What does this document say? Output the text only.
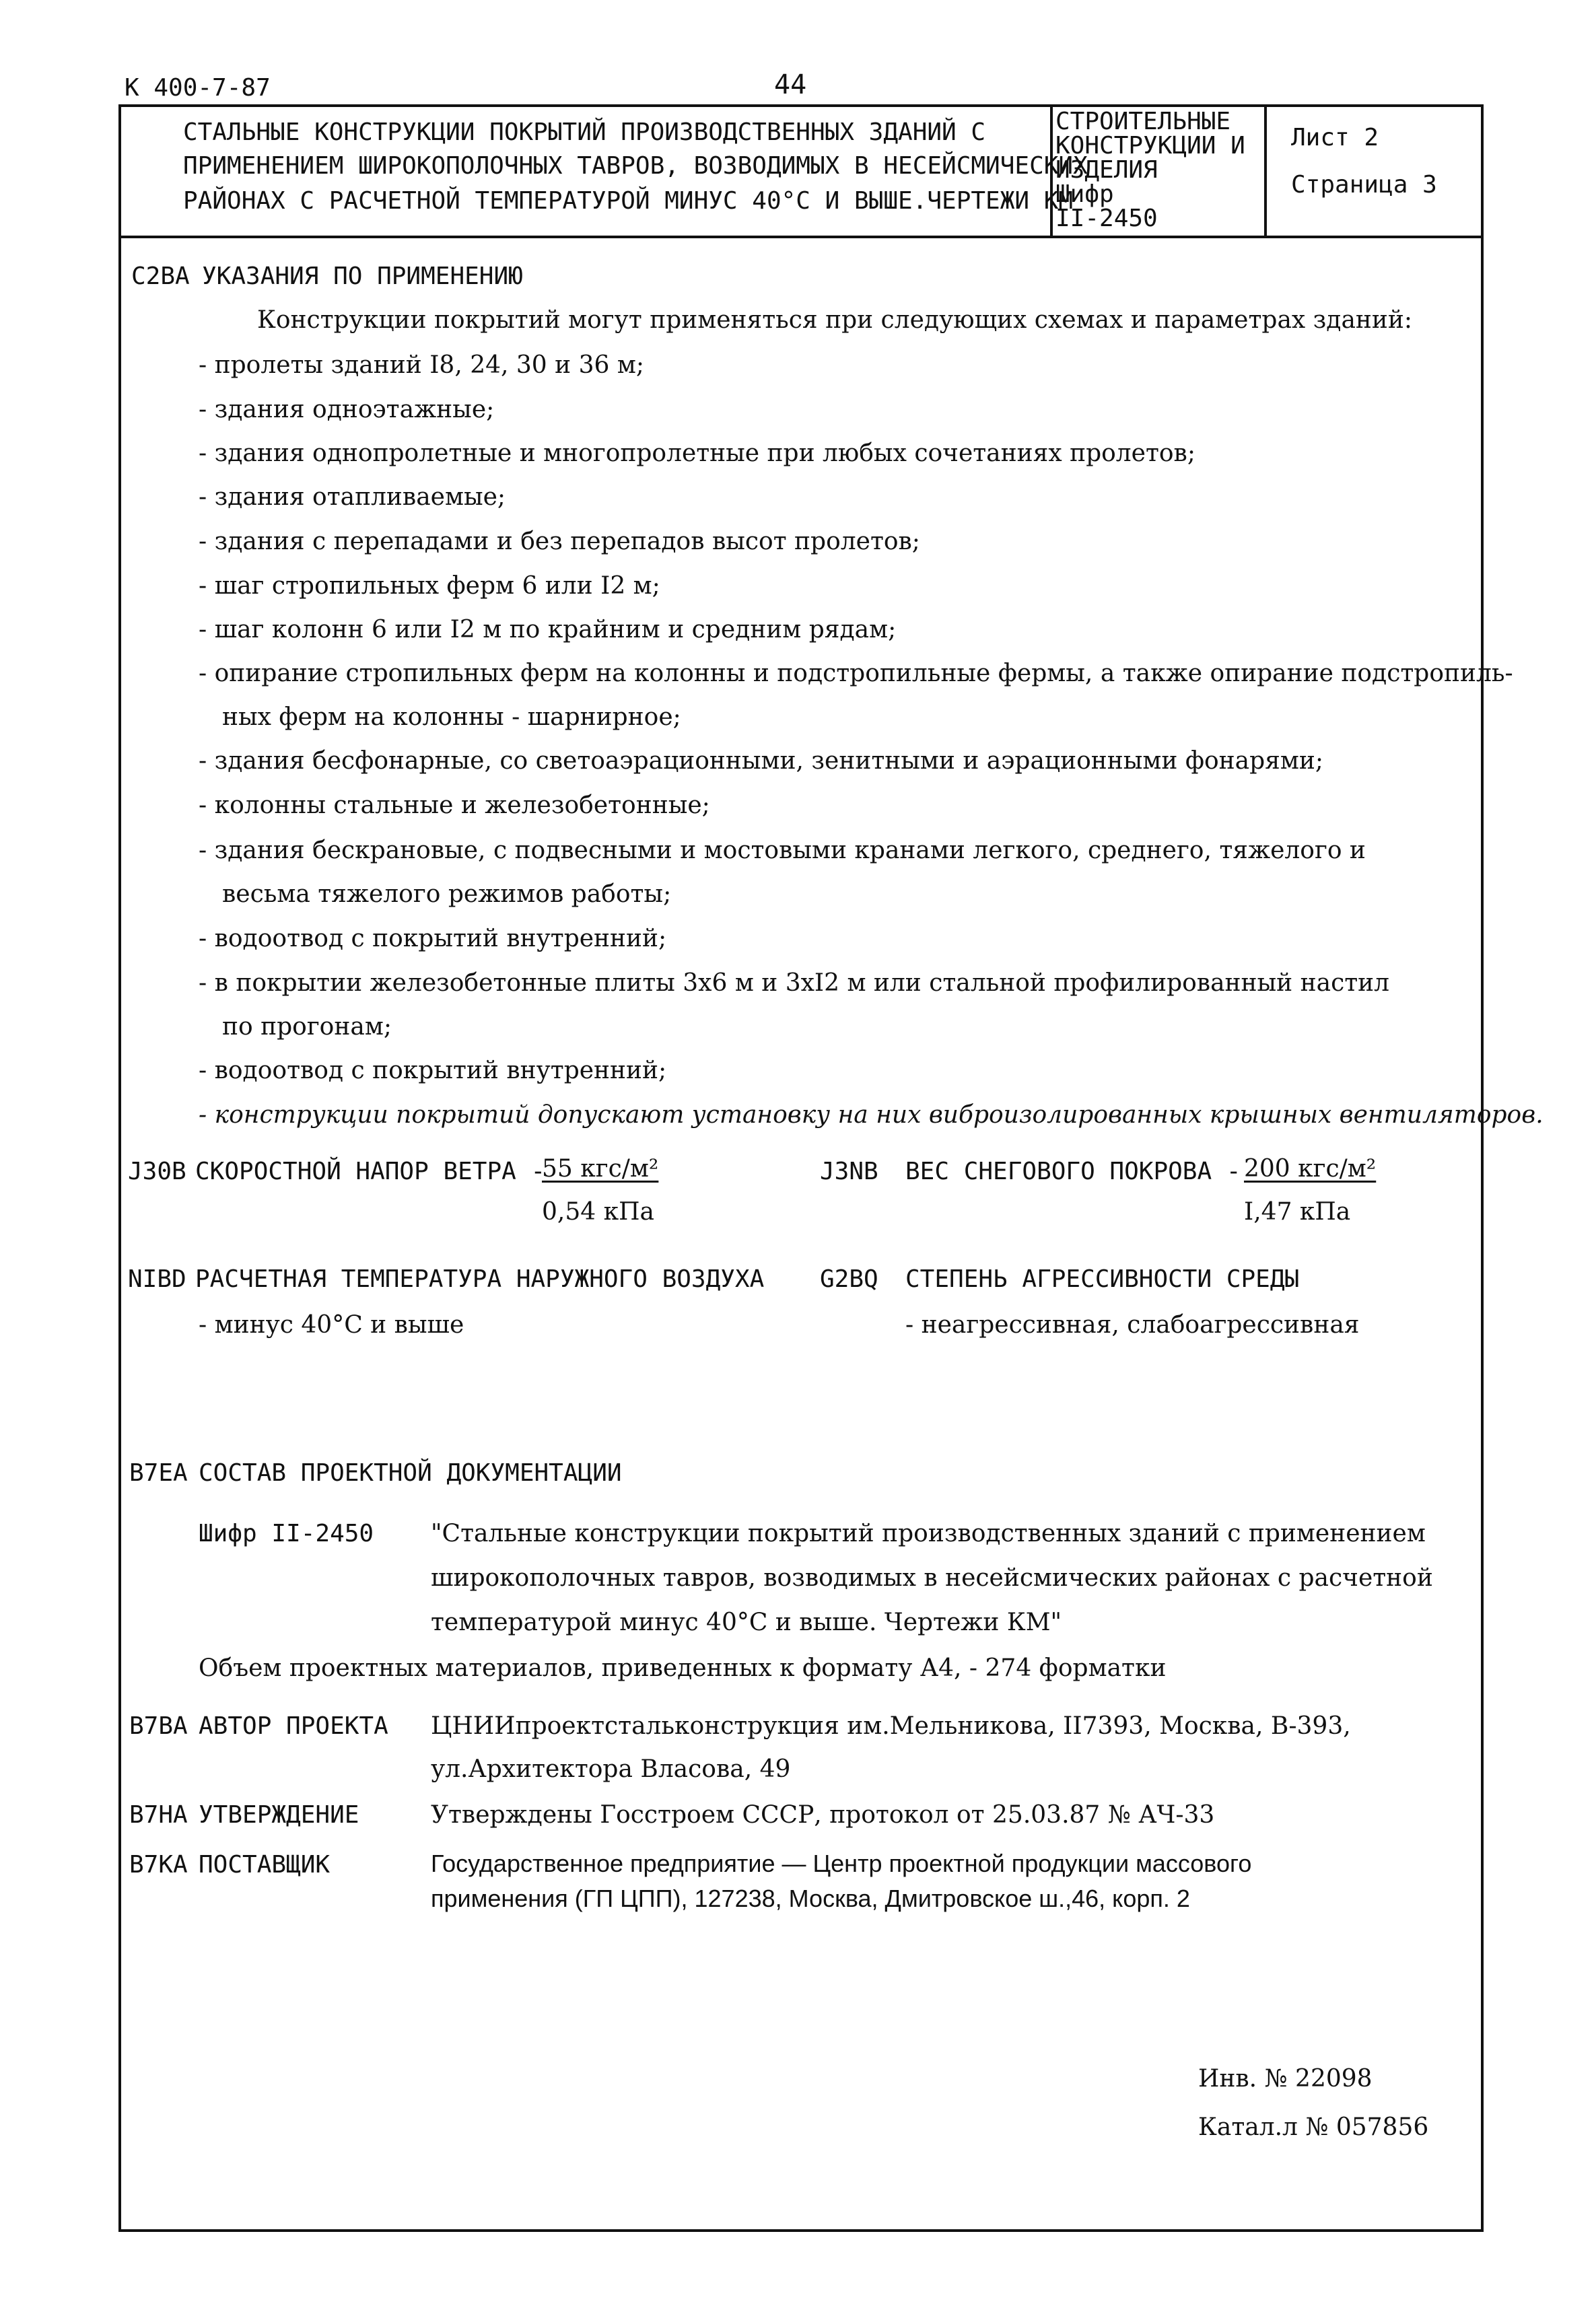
К 400-7-87	44
СТАЛЬНЫЕ КОНСТРУКЦИИ ПОКРЫТИЙ ПРОИЗВОДСТВЕННЫХ ЗДАНИЙ С
ПРИМЕНЕНИЕМ ШИРОКОПОЛОЧНЫХ ТАВРОВ, ВОЗВОДИМЫХ В НЕСЕЙСМИЧЕСКИХ
РАЙОНАХ С РАСЧЕТНОЙ ТЕМПЕРАТУРОЙ МИНУС 40°С И ВЫШЕ.ЧЕРТЕЖИ КМ
СТРОИТЕЛЬНЫЕ
КОНСТРУКЦИИ И
ИЗДЕЛИЯ
Шифр
II-2450
Лист 2
Страница 3
C2BA УКАЗАНИЯ ПО ПРИМЕНЕНИЮ
Конструкции покрытий могут применяться при следующих схемах и параметрах зданий:
- пролеты зданий I8, 24, 30 и 36 м;
- здания одноэтажные;
- здания однопролетные и многопролетные при любых сочетаниях пролетов;
- здания отапливаемые;
- здания с перепадами и без перепадов высот пролетов;
- шаг стропильных ферм 6 или I2 м;
- шаг колонн 6 или I2 м по крайним и средним рядам;
- опирание стропильных ферм на колонны и подстропильные фермы, а также опирание подстропиль-
ных ферм на колонны - шарнирное;
- здания бесфонарные, со светоаэрационными, зенитными и аэрационными фонарями;
- колонны стальные и железобетонные;
- здания бескрановые, с подвесными и мостовыми кранами легкого, среднего, тяжелого и
весьма тяжелого режимов работы;
- водоотвод с покрытий внутренний;
- в покрытии железобетонные плиты 3х6 м и 3хI2 м или стальной профилированный настил
по прогонам;
- водоотвод с покрытий внутренний;
- конструкции покрытий допускают установку на них виброизолированных крышных вентиляторов.
J30B СКОРОСТНОЙ НАПОР ВЕТРА -
55 кгс/м²
0,54 кПа
J3NB ВЕС СНЕГОВОГО ПОКРОВА - 200 кгс/м²
I,47 кПа
NIBD РАСЧЕТНАЯ ТЕМПЕРАТУРА НАРУЖНОГО ВОЗДУХА
- минус 40°С и выше
G2BQ СТЕПЕНЬ АГРЕССИВНОСТИ СРЕДЫ
- неагрессивная, слабоагрессивная
B7EA СОСТАВ ПРОЕКТНОЙ ДОКУМЕНТАЦИИ
Шифр II-2450 "Стальные конструкции покрытий производственных зданий с применением
широкополочных тавров, возводимых в несейсмических районах с расчетной
температурой минус 40°С и выше. Чертежи КМ"
Объем проектных материалов, приведенных к формату А4, - 274 форматки
B7BA АВТОР ПРОЕКТА ЦНИИпроектстальконструкция им.Мельникова, II7393, Москва, В-393,
ул.Архитектора Власова, 49
B7HA УТВЕРЖДЕНИЕ	Утверждены Госстроем СССР, протокол от 25.03.87 № АЧ-33
B7KA ПОСТАВЩИК	Государственное предприятие — Центр проектной продукции массового
применения (ГП ЦПП), 127238, Москва, Дмитровское ш.,46, корп. 2
Инв. № 22098
Катал.л № 057856
